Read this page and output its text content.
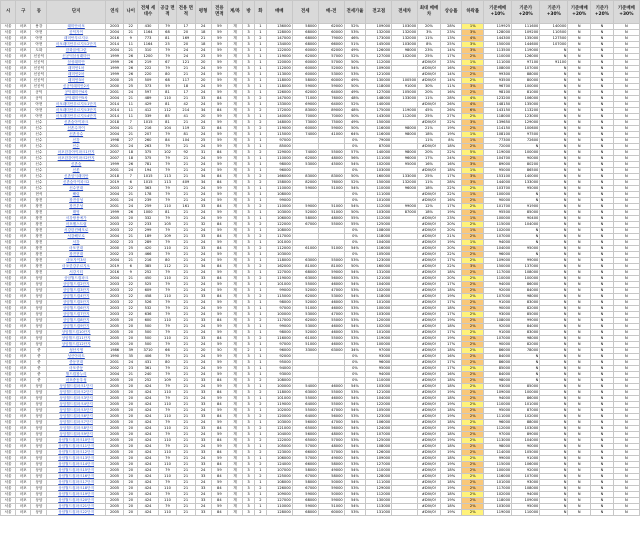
시	구	동	단지	연식	나이	전체 세대수	공급 면적	전용 면적	평형	전용 면적	계/복	방	화	매매	전세	매-전	전세가율	전고점	전세차	최대 매매차	상승률	하락률	기준매매 +10%	기준가 +20%	기준가 +30%	기준매매 +20%	기준가 +20%	기준매매 +30%
서울	마포	용강	래미안마포	2003	22	430	79	17	24	59	계	3	1	136000	58000	62000	52%	109000	103000	20%	28%	1%	119925	111600	140000	N	N	N
서울	마포	아현	공덕자이	2004	21	1164	68	20	18	59	계	3	1	128000	68000	60000	53%	132000	132000	3%	23%	3%	128000	109200	110500	N	N	N
서울	마포	아현	래미안푸르지오	2016	9	773	81	169	21	59	계	3	2	147000	68000	79000	46%	173000	132000	11%	13%	4%	144300	135000	127500	N	N	N
서울	마포	아현	마포래미안푸르지오2단지	2014	11	1164	25	20	18	59	계	3	1	134000	68000	66000	51%	145000	103000	8%	25%	3%	150000	144600	107000	N	N	N
서울	마포	도화	한화꿈에그린	2004	21	310	79	24	24	59	계	3	1	122000	60000	62000	49%	126000	98000	23%	14%	3%	113500	119000	N	N	N	N
서울	마포	신공덕	신공덕삼성래미안	1999	26	1200	79	24	23	59	계	3	1	119000	62000	57000	52%	127000	102000	25%	17%	2%	110000	126000	N	N	N	N
서울	마포	신공덕	삼성래미안	1999	26	219	67	121	20	59	계	3	1	120000	60000	57000	50%	112000		#DIV/0!	23%	1%	111000	97100	91100	N	N	N
서울	마포	신공덕	래미안1차	1999	26	222	79	21	24	59	계	3	1	112000	60000	52000	54%	109000		#DIV/0!	16%	2%	108000	107000	N	N	N	N
서울	마포	신공덕	래미안2차	1999	26	220	80	21	24	59	계	3	1	113000	60000	53000	53%	121000		#DIV/0!	14%	2%	99300	88000	N	N	N	N
서울	마포	신공덕	래미안3차	2000	25	509	68	117	20	59	계	3	1	118000	58000	60000	49%	130000	100500	#DIV/0!	14%	2%	93500	80000	N	N	N	N
서울	마포	신공덕	신공덕래미안2차	2000	25	373	59	18	24	59	계	3	1	118000	59000	59000	50%	118000	91000	30%	11%	3%	96700	100000	N	N	N	N
서울	마포	공덕	공덕래미안4차	2001	24	597	81	17	24	59	계	3	1	126000	62000	64000	49%	127000	105000	20%	16%	2%	98100	81000	N	N	N	N
서울	마포	공덕	공덕래미안5차	2004	21	489	110	21	33	84	계	3	2	147000	71000	76000	48%	148000	133000	11%	28%	4%	123200	106000	N	N	N	N
서울	마포	아현	마포래미안푸르지오1단지	2014	11	429	81	42	24	59	계	3	1	133000	69000	64000	52%	140000		#DIV/0!	26%	4%	148150	135000	N	N	N	N
서울	마포	아현	마포래미안푸르지오3단지	2014	11	412	112	214	34	84	계	3	2	172000	83000	89000	48%	175000	119000	45%	26%	6%	143150	113200	N	N	N	N
서울	마포	아현	마포래미안푸르지오4단지	2014	11	339	85	41	20	59	계	3	1	140000	70000	70000	50%	143000	112000	25%	27%	2%	118000	123000	N	N	N	N
서울	마포	신수	신촌숲아이파크	2018	7	1015	81	21	24	59	계	3	2	148000	73000	75000	49%	150000		#DIV/0!	22%	3%	139650	129000	N	N	N	N
서울	마포	신수	신촌수자이	2004	21	216	104	119	32	84	계	3	2	119000	60000	59000	50%	116000	98000	21%	19%	2%	114150	100600	N	N	N	N
서울	마포	신수	신촌상수	2004	21	207	79	81	24	59	계	3	1	115000	74000	41000	64%	116000	98000	18%	19%	1%	108100	97500	N	N	N	N
서울	마포	신수	신강	1998	27	260	84	104	25	59	계	3	1	97000			0%	79000		11%	8%	1%	77300	72600	N	N	N	N
서울	마포	신수	신수	2001	24	263	79	21	24	59	계	3	1	85000			0%	87000		#DIV/0!	18%	2%	72000	N	N	N	N	N
서울	마포	신수	마포한강아이파크1단지	2007	18	375	102	92	31	84	계	3	2	129000	74000	55000	57%	140000	98000	20%	22%	5%	119000	100000	N	N	N	N
서울	마포	신수	마포한강아이파크2단지	2007	18	375	79	21	24	59	계	3	1	110000	62000	48000	56%	111000	96000	17%	24%	2%	104700	90000	N	N	N	N
서울	마포	신수	신촌숲	1999	26	781	79	21	24	59	계	3	1	98000	53000	45000	54%	102000	95000	16%	16%	3%	89000	80200	N	N	N	N
서울	마포	신수	신촌	2001	24	194	79	21	24	59	계	3	1	96000			0%	103000		#DIV/0!	18%	1%	95000	86500	N	N	N	N
서울	마포	신수	신촌삼익래미안	2018	7	1015	113	21	34	84	계	3	2	166000	83000	83000	50%	160000	133000	25%	17%	3%	153100	140000	N	N	N	N
서울	마포	신수	신촌숲아이파크2	2019	6	1015	113	409	34	84	계	3	2	158000	82000	76000	52%	150000	132000	11%	28%	3%	144000	133000	N	N	N	N
서울	마포	신수	신수현대	2003	22	363	79	21	24	59	계	3	1	110000	59000	51000	54%	110000	96000	18%	22%	2%	103700	95000	N	N	N	N
서울	마포	현석	해링	2004	21	178	79	21	24	59	계	3	1	108000			0%	111000		#DIV/0!	22%	1%	100000	N	N	N	N	N
서울	마포	창전	창전삼성	2001	24	239	79	21	24	59	계	3	1	99000			0%	101000		#DIV/0!	16%	2%	90000	N	N	N	N	N
서울	마포	창전	창전우성	2001	24	259	110	161	33	84	계	3	2	110000	59000	51000	54%	112000	99000	12%	17%	2%	101700	91900	N	N	N	N
서울	마포	창전	태영	1999	26	1000	81	21	24	59	계	3	1	103000	52000	51000	50%	103000	87000	18%	19%	2%	95500	85000	N	N	N	N
서울	마포	창전	서강쌍용예가	2005	20	332	79	21	24	59	계	3	1	106000	58000	48000	55%	112000		#DIV/0!	23%	1%	100000	90400	N	N	N	N
서울	마포	창전	마포웰스트림	2003	22	233	105	21	32	84	계	3	2	122000	67000	55000	55%	125000		#DIV/0!	20%	2%	115000	104000	N	N	N	N
서울	마포	창전	서강한진해모로	2003	22	299	79	21	24	59	계	3	1	108000			0%	108000		#DIV/0!	20%	1%	102000	N	N	N	N	N
서울	마포	창전	서강해모로	2004	21	189	109	21	33	84	계	3	2	117000			0%	118000		#DIV/0!	21%	2%	107000	N	N	N	N	N
서울	마포	창전	서강	2002	23	289	79	21	24	59	계	3	1	101000			0%	104000		#DIV/0!	19%	1%	94000	N	N	N	N	N
서울	마포	창전	마포현대	2000	25	420	110	21	33	84	계	3	2	112000	61000	51000	54%	116000		#DIV/0!	20%	2%	104000	95000	N	N	N	N
서울	마포	창전	창전현대	2002	23	466	79	21	24	59	계	3	1	103000			0%	105000		#DIV/0!	22%	2%	96000	N	N	N	N	N
서울	마포	창전	마포자이3차	2004	21	216	80	21	24	59	계	3	1	118000	63000	55000	53%	123000		#DIV/0!	17%	2%	109000	99000	N	N	N	N
서울	마포	창전	마포한강푸르지오	2019	6	385	112	21	34	84	계	3	2	162000	81000	81000	50%	160000		#DIV/0!	22%	3%	150000	137000	N	N	N	N
서울	마포	창전	서강시티	2016	9	252	79	21	24	59	계	3	1	127000	68000	59000	54%	131000		#DIV/0!	18%	2%	117000	108000	N	N	N	N
서울	마포	상암	상암월드컵파크	2004	21	450	110	21	33	84	계	3	2	119000	63000	56000	53%	121000		#DIV/0!	20%	2%	110000	100000	N	N	N	N
서울	마포	상암	상암월드컵2단지	2003	22	525	79	21	24	59	계	3	1	101000	55000	46000	54%	104000		#DIV/0!	17%	2%	94000	86000	N	N	N	N
서울	마포	상암	상암월드컵3단지	2003	22	609	79	21	24	59	계	3	1	99000	52000	47000	53%	102000		#DIV/0!	18%	2%	92000	84000	N	N	N	N
서울	마포	상암	상암월드컵4단지	2003	22	458	110	21	33	84	계	3	2	115000	62000	53000	54%	118000		#DIV/0!	19%	2%	107000	98000	N	N	N	N
서울	마포	상암	상암월드컵5단지	2003	22	526	79	21	24	59	계	3	1	98000	52000	46000	53%	101000		#DIV/0!	17%	2%	91000	83000	N	N	N	N
서울	마포	상암	상암월드컵6단지	2003	22	532	79	21	24	59	계	3	1	97000	51000	46000	53%	100000		#DIV/0!	18%	2%	90000	82000	N	N	N	N
서울	마포	상암	상암월드컵7단지	2003	22	636	79	21	24	59	계	3	1	100000	53000	47000	53%	103000		#DIV/0!	17%	2%	93000	85000	N	N	N	N
서울	마포	상암	상암월드컵8단지	2005	20	600	110	21	33	84	계	3	2	117000	62000	55000	53%	120000		#DIV/0!	19%	2%	108000	99000	N	N	N	N
서울	마포	상암	상암월드컵9단지	2005	20	500	79	21	24	59	계	3	1	99000	53000	46000	54%	102000		#DIV/0!	18%	2%	92000	84000	N	N	N	N
서울	마포	상암	상암월드컵10단지	2005	20	500	79	21	24	59	계	3	1	98000	52000	46000	53%	101000		#DIV/0!	17%	2%	91000	83000	N	N	N	N
서울	마포	상암	상암월드컵11단지	2005	20	500	110	21	33	84	계	3	2	116000	61000	55000	53%	119000		#DIV/0!	19%	2%	107000	98000	N	N	N	N
서울	마포	상암	상암월드컵12단지	2005	20	500	79	21	24	59	계	3	1	97000	51000	46000	53%	100000		#DIV/0!	17%	2%	90000	82000	N	N	N	N
서울	마포	중	성산시영	1986	39	3710	66	21	20	50	계	2	1	96000	33000	63000	34%	97000		#DIV/0!	18%	2%	86000	78000	N	N	N	N
서울	마포	중	성산아파트	1990	35	406	79	21	24	59	계	3	1	92000			0%	93000		#DIV/0!	16%	2%	84000	N	N	N	N	N
서울	마포	중	중동현대	2001	24	431	80	21	24	59	계	3	1	95000			0%	96000		#DIV/0!	17%	2%	86000	N	N	N	N	N
서울	마포	중	마포중동	2002	23	361	79	21	24	59	계	3	1	94000			0%	95000		#DIV/0!	17%	2%	85000	N	N	N	N	N
서울	마포	중	월드컵참누리	2004	21	240	79	21	24	59	계	3	1	93000			0%	94000		#DIV/0!	16%	2%	84000	N	N	N	N	N
서울	마포	중	마포중동우성	2005	20	252	109	21	33	84	계	3	2	108000			0%	110000		#DIV/0!	18%	2%	98000	N	N	N	N	N
서울	마포	상암	상암월드컵파크1단지	2005	20	424	79	21	24	59	계	3	1	100000	54000	46000	54%	103000		#DIV/0!	18%	2%	93000	85000	N	N	N	N
서울	마포	상암	상암월드컵파크2단지	2005	20	424	110	21	33	84	계	3	2	118000	63000	55000	53%	121000		#DIV/0!	19%	2%	109000	100000	N	N	N	N
서울	마포	상암	상암월드컵파크3단지	2005	20	424	79	21	24	59	계	3	1	101000	55000	46000	54%	104000		#DIV/0!	18%	2%	94000	86000	N	N	N	N
서울	마포	상암	상암월드컵파크4단지	2005	20	424	110	21	33	84	계	3	2	119000	64000	55000	54%	122000		#DIV/0!	19%	2%	110000	101000	N	N	N	N
서울	마포	상암	상암월드컵파크5단지	2005	20	424	79	21	24	59	계	3	1	102000	55000	47000	54%	105000		#DIV/0!	18%	2%	95000	87000	N	N	N	N
서울	마포	상암	상암월드컵파크6단지	2005	20	424	110	21	33	84	계	3	2	120000	64000	56000	53%	123000		#DIV/0!	19%	2%	111000	102000	N	N	N	N
서울	마포	상암	상암월드컵파크7단지	2005	20	424	79	21	24	59	계	3	1	103000	56000	47000	54%	106000		#DIV/0!	18%	2%	96000	88000	N	N	N	N
서울	마포	상암	상암월드컵파크8단지	2005	20	424	110	21	33	84	계	3	2	121000	65000	56000	54%	124000		#DIV/0!	19%	2%	112000	103000	N	N	N	N
서울	마포	상암	상암월드컵파크9단지	2005	20	424	79	21	24	59	계	3	1	104000	56000	48000	54%	107000		#DIV/0!	18%	2%	97000	89000	N	N	N	N
서울	마포	상암	상암월드컵파크10단지	2005	20	424	110	21	33	84	계	3	2	122000	65000	57000	53%	125000		#DIV/0!	19%	2%	113000	104000	N	N	N	N
서울	마포	상암	상암월드컵파크11단지	2005	20	424	79	21	24	59	계	3	1	105000	57000	48000	54%	108000		#DIV/0!	18%	2%	98000	90000	N	N	N	N
서울	마포	상암	상암월드컵파크12단지	2005	20	424	110	21	33	84	계	3	2	123000	66000	57000	54%	126000		#DIV/0!	19%	2%	114000	105000	N	N	N	N
서울	마포	상암	상암월드컵파크13단지	2005	20	424	79	21	24	59	계	3	1	106000	57000	49000	54%	109000		#DIV/0!	18%	2%	99000	91000	N	N	N	N
서울	마포	상암	상암월드컵파크14단지	2005	20	424	110	21	33	84	계	3	2	124000	66000	58000	53%	127000		#DIV/0!	19%	2%	115000	106000	N	N	N	N
서울	마포	상암	상암월드컵파크15단지	2005	20	424	79	21	24	59	계	3	1	107000	58000	49000	54%	110000		#DIV/0!	18%	2%	100000	92000	N	N	N	N
서울	마포	상암	상암월드컵파크16단지	2005	20	424	110	21	33	84	계	3	2	125000	67000	58000	54%	128000		#DIV/0!	19%	2%	116000	107000	N	N	N	N
서울	마포	상암	상암월드컵파크17단지	2005	20	424	79	21	24	59	계	3	1	108000	58000	50000	54%	111000		#DIV/0!	18%	2%	101000	93000	N	N	N	N
서울	마포	상암	상암월드컵파크18단지	2005	20	424	110	21	33	84	계	3	2	126000	67000	59000	53%	129000		#DIV/0!	19%	2%	117000	108000	N	N	N	N
서울	마포	상암	상암월드컵파크19단지	2005	20	424	79	21	24	59	계	3	1	109000	59000	50000	54%	112000		#DIV/0!	18%	2%	102000	94000	N	N	N	N
서울	마포	상암	상암월드컵파크20단지	2005	20	424	110	21	33	84	계	3	2	127000	68000	59000	54%	130000		#DIV/0!	19%	2%	118000	109000	N	N	N	N
서울	마포	상암	상암월드컵파크21단지	2005	20	424	79	21	24	59	계	3	1	110000	59000	51000	54%	113000		#DIV/0!	18%	2%	103000	95000	N	N	N	N
서울	마포	상암	상암월드컵파크22단지	2005	20	424	110	21	33	84	계	3	2	128000	68000	60000	53%	131000		#DIV/0!	19%	2%	119000	110000	N	N	N	N
